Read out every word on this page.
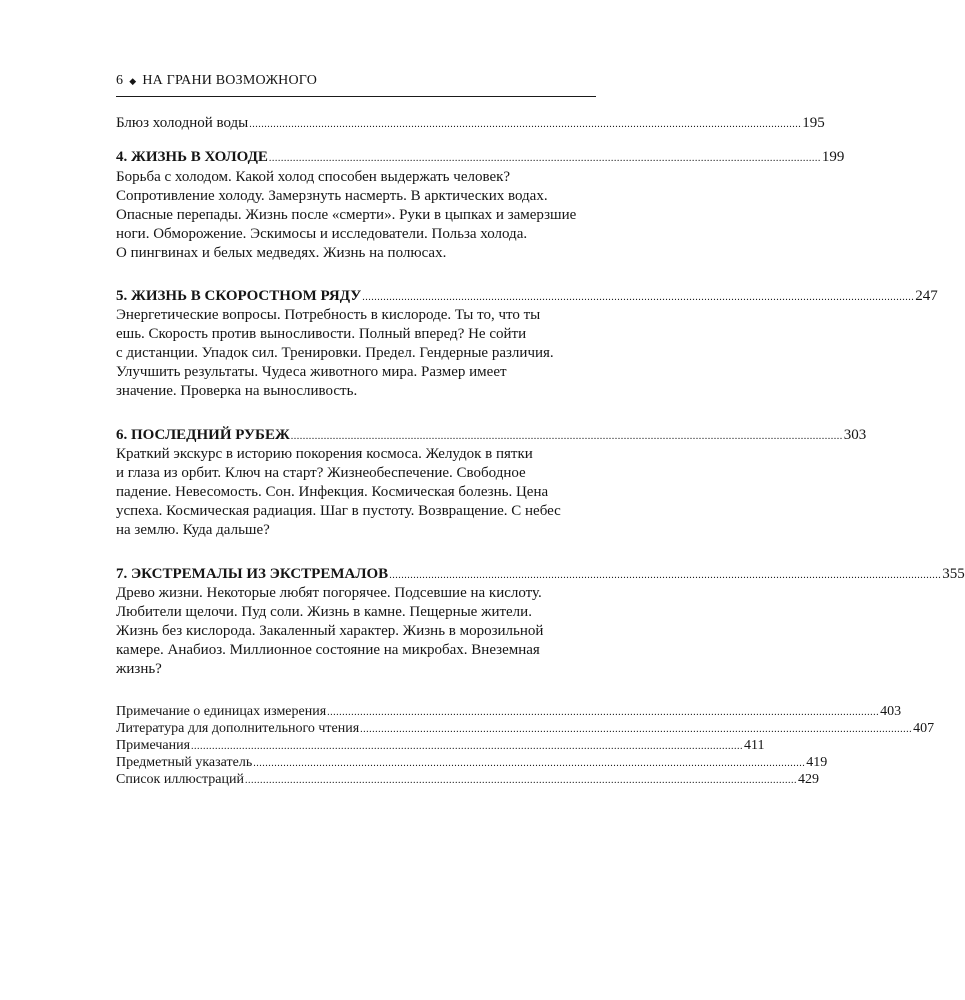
6 ◆ НА ГРАНИ ВОЗМОЖНОГО
Блюз холодной воды ........................................................................................................................................................................................ 195
4. ЖИЗНЬ В ХОЛОДЕ ........................................................................................................................................................................................ 199

Борьба с холодом. Какой холод способен выдержать человек?
Сопротивление холоду. Замерзнуть насмерть. В арктических водах.
Опасные перепады. Жизнь после «смерти». Руки в цыпках и замерзшие
ноги. Обморожение. Эскимосы и исследователи. Польза холода.
О пингвинах и белых медведях. Жизнь на полюсах.

5. ЖИЗНЬ В СКОРОСТНОМ РЯДУ ........................................................................................................................................................................................ 247

Энергетические вопросы. Потребность в кислороде. Ты то, что ты
ешь. Скорость против выносливости. Полный вперед? Не сойти
с дистанции. Упадок сил. Тренировки. Предел. Гендерные различия.
Улучшить результаты. Чудеса животного мира. Размер имеет
значение. Проверка на выносливость.

6. ПОСЛЕДНИЙ РУБЕЖ ........................................................................................................................................................................................ 303

Краткий экскурс в историю покорения космоса. Желудок в пятки
и глаза из орбит. Ключ на старт? Жизнеобеспечение. Свободное
падение. Невесомость. Сон. Инфекция. Космическая болезнь. Цена
успеха. Космическая радиация. Шаг в пустоту. Возвращение. С небес
на землю. Куда дальше?

7. ЭКСТРЕМАЛЫ ИЗ ЭКСТРЕМАЛОВ ........................................................................................................................................................................................ 355

Древо жизни. Некоторые любят погорячее. Подсевшие на кислоту.
Любители щелочи. Пуд соли. Жизнь в камне. Пещерные жители.
Жизнь без кислорода. Закаленный характер. Жизнь в морозильной
камере. Анабиоз. Миллионное состояние на микробах. Внеземная
жизнь?

Примечание о единицах измерения ........................................................................................................................................................................................ 403
Литература для дополнительного чтения ........................................................................................................................................................................................ 407
Примечания ........................................................................................................................................................................................ 411
Предметный указатель ........................................................................................................................................................................................ 419
Список иллюстраций ........................................................................................................................................................................................ 429
